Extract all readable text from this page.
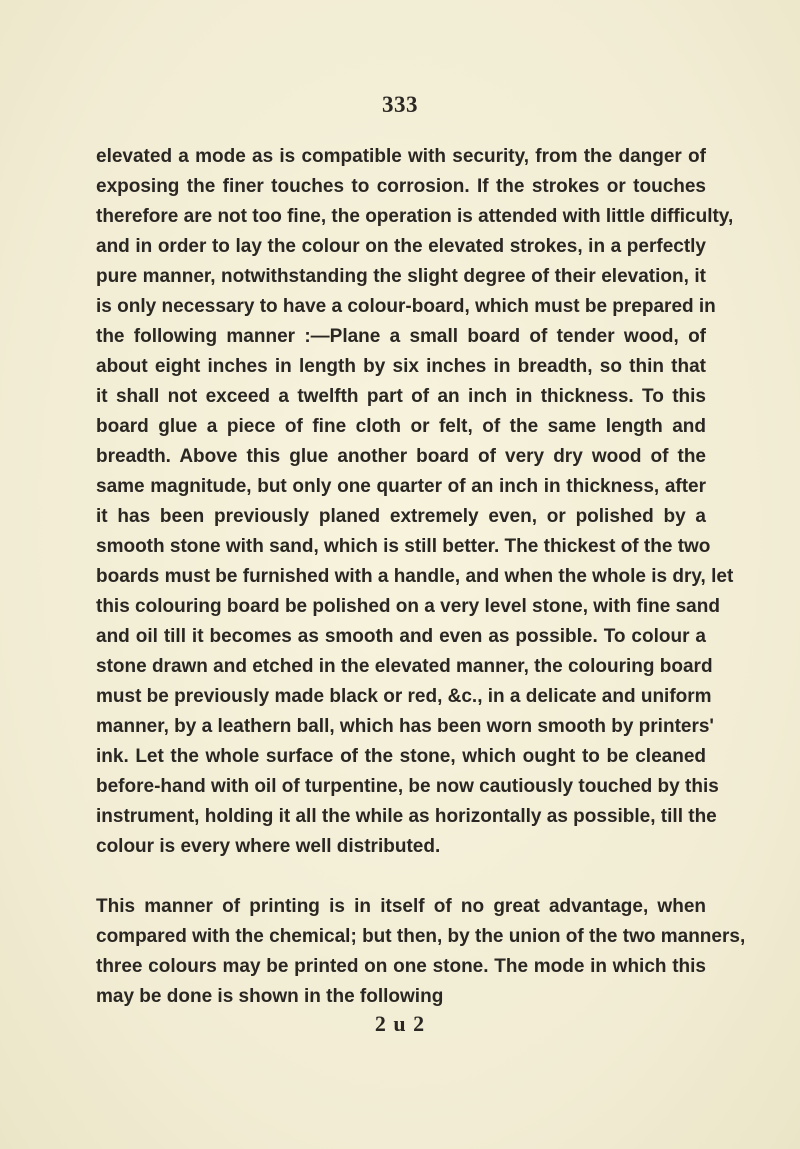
333

elevated a mode as is compatible with security, from the danger of
exposing the finer touches to corrosion. If the strokes or touches
therefore are not too fine, the operation is attended with little difficulty,
and in order to lay the colour on the elevated strokes, in a perfectly
pure manner, notwithstanding the slight degree of their elevation, it
is only necessary to have a colour-board, which must be prepared in
the following manner :—Plane a small board of tender wood, of
about eight inches in length by six inches in breadth, so thin that
it shall not exceed a twelfth part of an inch in thickness. To this
board glue a piece of fine cloth or felt, of the same length and
breadth. Above this glue another board of very dry wood of the
same magnitude, but only one quarter of an inch in thickness, after
it has been previously planed extremely even, or polished by a
smooth stone with sand, which is still better. The thickest of the two
boards must be furnished with a handle, and when the whole is dry, let
this colouring board be polished on a very level stone, with fine sand
and oil till it becomes as smooth and even as possible. To colour a
stone drawn and etched in the elevated manner, the colouring board
must be previously made black or red, &c., in a delicate and uniform
manner, by a leathern ball, which has been worn smooth by printers'
ink. Let the whole surface of the stone, which ought to be cleaned
before-hand with oil of turpentine, be now cautiously touched by this
instrument, holding it all the while as horizontally as possible, till the
colour is every where well distributed.

This manner of printing is in itself of no great advantage, when
compared with the chemical; but then, by the union of the two manners,
three colours may be printed on one stone. The mode in which this
may be done is shown in the following

2 u 2
